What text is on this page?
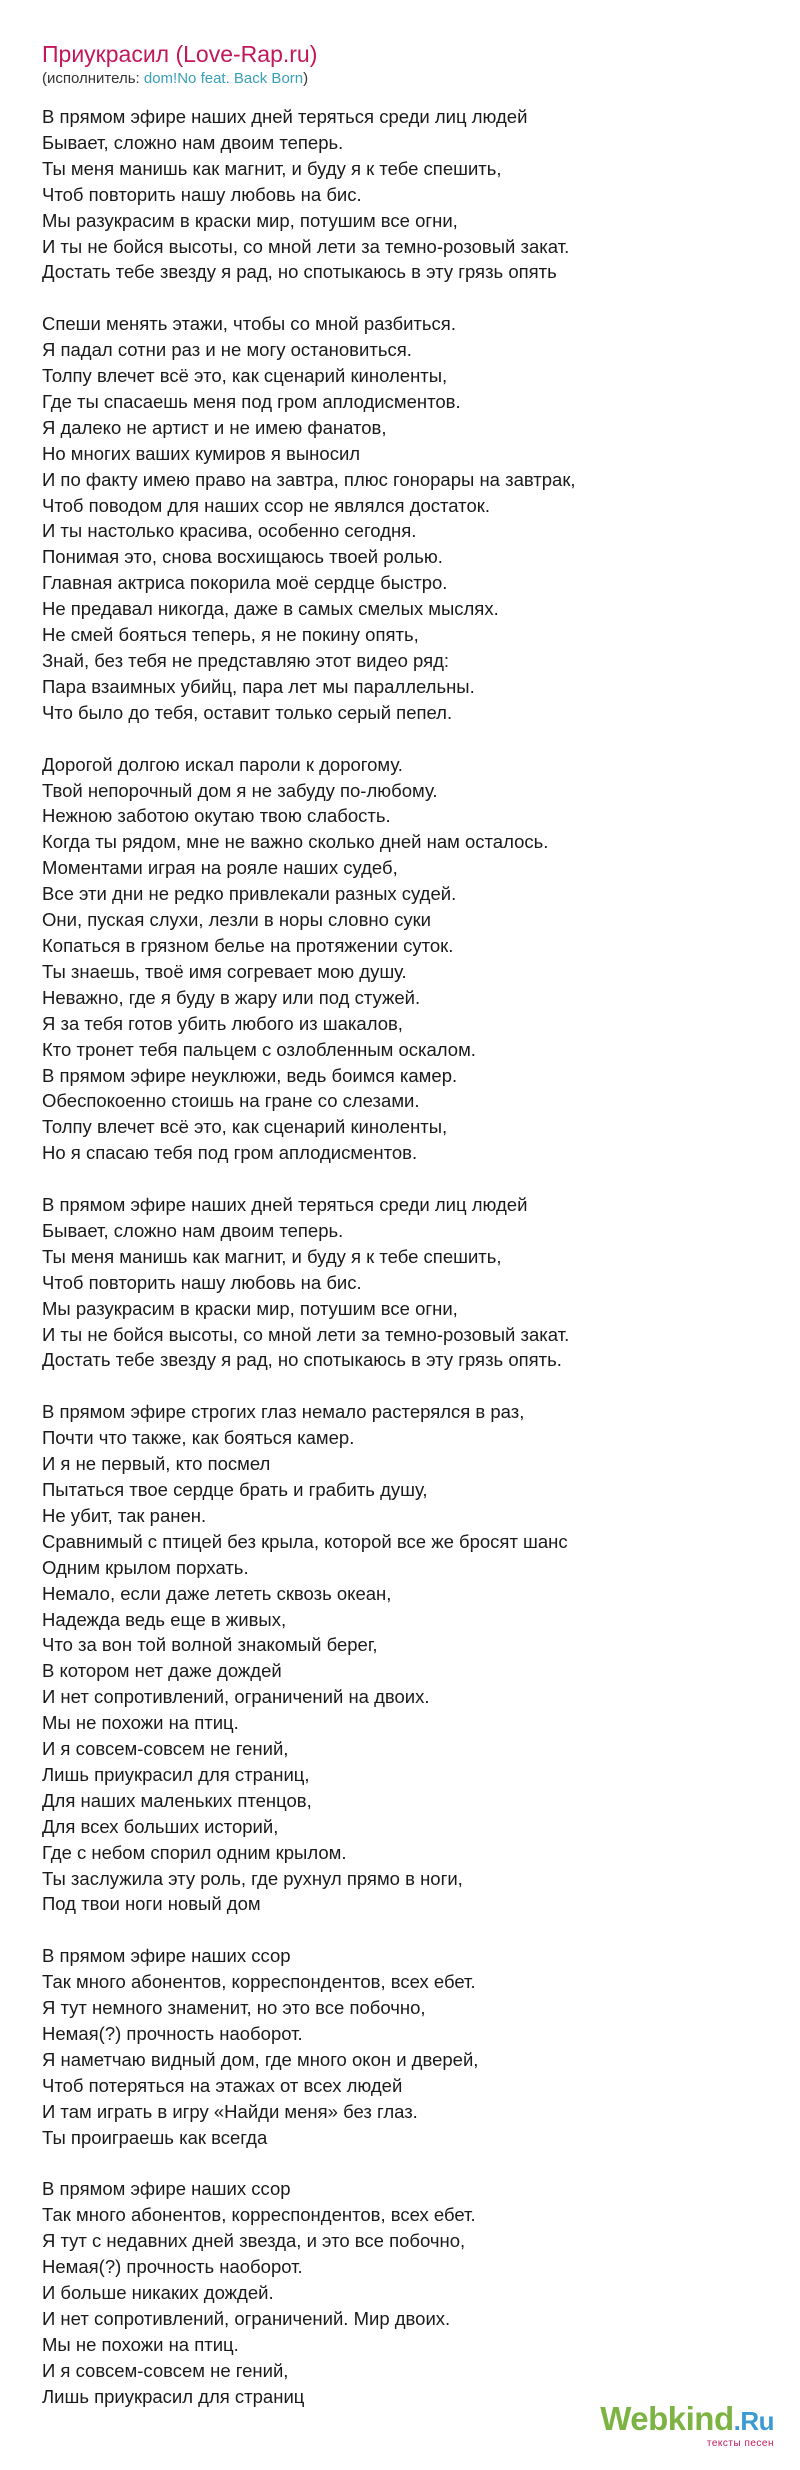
Приукрасил (Love-Rap.ru)
(исполнитель: dom!No feat. Back Born)
В прямом эфире наших дней теряться среди лиц людей
Бывает, сложно нам двоим теперь.
Ты меня манишь как магнит, и буду я к тебе спешить,
Чтоб повторить нашу любовь на бис.
Мы разукрасим в краски мир, потушим все огни,
И ты не бойся высоты, со мной лети за темно-розовый закат.
Достать тебе звезду я рад, но спотыкаюсь в эту грязь опять
Спеши менять этажи, чтобы со мной разбиться.
Я падал сотни раз и не могу остановиться.
Толпу влечет всё это, как сценарий киноленты,
Где ты спасаешь меня под гром аплодисментов.
Я далеко не артист и не имею фанатов,
Но многих ваших кумиров я выносил
И по факту имею право на завтра, плюс гонорары на завтрак,
Чтоб поводом для наших ссор не являлся достаток.
И ты настолько красива, особенно сегодня.
Понимая это, снова восхищаюсь твоей ролью.
Главная актриса покорила моё сердце быстро.
Не предавал никогда, даже в самых смелых мыслях.
Не смей бояться теперь, я не покину опять,
Знай, без тебя не представляю этот видео ряд:
Пара взаимных убийц, пара лет мы параллельны.
Что было до тебя, оставит только серый пепел.
Дорогой долгою искал пароли к дорогому.
Твой непорочный дом я не забуду по-любому.
Нежною заботою окутаю твою слабость.
Когда ты рядом, мне не важно сколько дней нам осталось.
Моментами играя на рояле наших судеб,
Все эти дни не редко привлекали разных судей.
Они, пуская слухи, лезли в норы словно суки
Копаться в грязном белье на протяжении суток.
Ты знаешь, твоё имя согревает мою душу.
Неважно, где я буду в жару или под стужей.
Я за тебя готов убить любого из шакалов,
Кто тронет тебя пальцем с озлобленным оскалом.
В прямом эфире неуклюжи, ведь боимся камер.
Обеспокоенно стоишь на гране со слезами.
Толпу влечет всё это, как сценарий киноленты,
Но я спасаю тебя под гром аплодисментов.
В прямом эфире наших дней теряться среди лиц людей
Бывает, сложно нам двоим теперь.
Ты меня манишь как магнит, и буду я к тебе спешить,
Чтоб повторить нашу любовь на бис.
Мы разукрасим в краски мир, потушим все огни,
И ты не бойся высоты, со мной лети за темно-розовый закат.
Достать тебе звезду я рад, но спотыкаюсь в эту грязь опять.
В прямом эфире строгих глаз немало растерялся в раз,
Почти что также, как бояться камер.
И я не первый, кто посмел
Пытаться твое сердце брать и грабить душу,
Не убит, так ранен.
Сравнимый с птицей без крыла, которой все же бросят шанс
Одним крылом порхать.
Немало, если даже лететь сквозь океан,
Надежда ведь еще в живых,
Что за вон той волной знакомый берег,
В котором нет даже дождей
И нет сопротивлений, ограничений на двоих.
Мы не похожи на птиц.
И я совсем-совсем не гений,
Лишь приукрасил для страниц,
Для наших маленьких птенцов,
Для всех больших историй,
Где с небом спорил одним крылом.
Ты заслужила эту роль, где рухнул прямо в ноги,
Под твои ноги новый дом
В прямом эфире наших ссор
Так много абонентов, корреспондентов, всех ебет.
Я тут немного знаменит, но это все побочно,
Немая(?) прочность наоборот.
Я наметчаю видный дом, где много окон и дверей,
Чтоб потеряться на этажах от всех людей
И там играть в игру «Найди меня» без глаз.
Ты проиграешь как всегда
В прямом эфире наших ссор
Так много абонентов, корреспондентов, всех ебет.
Я тут с недавних дней звезда, и это все побочно,
Немая(?) прочность наоборот.
И больше никаких дождей.
И нет сопротивлений, ограничений. Мир двоих.
Мы не похожи на птиц.
И я совсем-совсем не гений,
Лишь приукрасил для страниц
Webkind.Ru
тексты песен
